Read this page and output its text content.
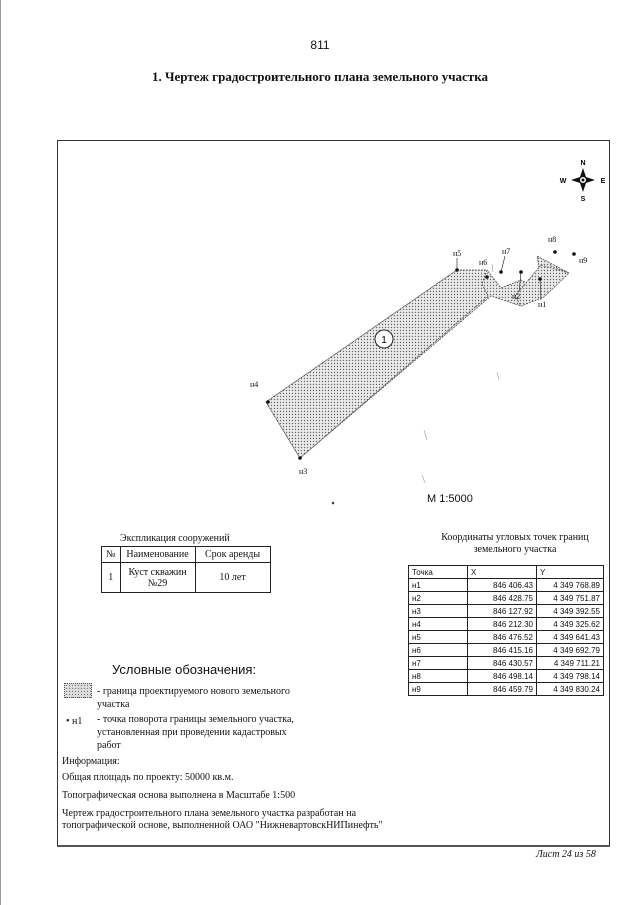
811
1. Чертеж градостроительного плана земельного участка
1
н1
н2
н3
н4
н5
н6
н7
н8
н9
N
S
W	E
М 1:5000
Экспликация сооружений
№	Наименование	Срок аренды
1	Куст скважин №29	10 лет
Координаты угловых точек границ
земельного участка
Точка	X	Y
н1	846 406.43	4 349 768.89
н2	846 428.75	4 349 751.87
н3	846 127.92	4 349 392.55
н4	846 212.30	4 349 325.62
н5	846 476.52	4 349 641.43
н6	846 415.16	4 349 692.79
н7	846 430.57	4 349 711.21
н8	846 498.14	4 349 798.14
н9	846 459.79	4 349 830.24
Условные обозначения:
- граница проектируемого нового земельного участка
• н1 - точка поворота границы земельного участка, установленная при проведении кадастровых работ
Информация:
Общая площадь по проекту: 50000 кв.м.
Топографическая основа выполнена в Масштабе 1:500
Чертеж градостроительного плана земельного участка разработан на топографической основе, выполненной ОАО "НижневартовскНИПинефть"
Лист 24 из 58
